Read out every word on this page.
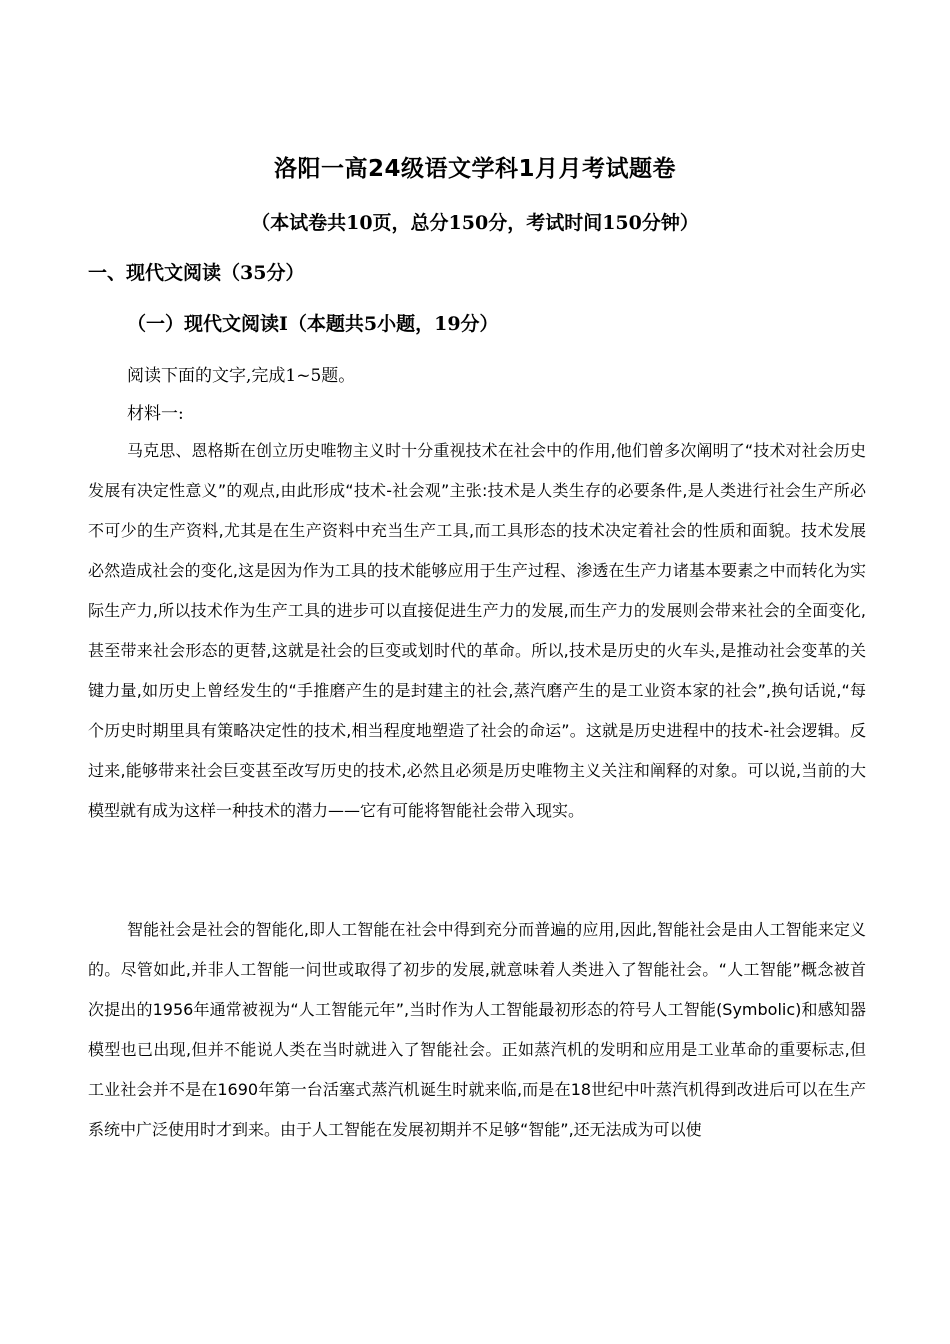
洛阳一高24级语文学科1月月考试题卷
（本试卷共10页，总分150分，考试时间150分钟）
一、现代文阅读（35分）
（一）现代文阅读I（本题共5小题，19分）
阅读下面的文字,完成1~5题。
材料一:

马克思、恩格斯在创立历史唯物主义时十分重视技术在社会中的作用,他们曾多次阐明了“技术对社会历史发展有决定性意义”的观点,由此形成“技术-社会观”主张:技术是人类生存的必要条件,是人类进行社会生产所必不可少的生产资料,尤其是在生产资料中充当生产工具,而工具形态的技术决定着社会的性质和面貌。技术发展必然造成社会的变化,这是因为作为工具的技术能够应用于生产过程、渗透在生产力诸基本要素之中而转化为实际生产力,所以技术作为生产工具的进步可以直接促进生产力的发展,而生产力的发展则会带来社会的全面变化,甚至带来社会形态的更替,这就是社会的巨变或划时代的革命。所以,技术是历史的火车头,是推动社会变革的关键力量,如历史上曾经发生的“手推磨产生的是封建主的社会,蒸汽磨产生的是工业资本家的社会”,换句话说,“每个历史时期里具有策略决定性的技术,相当程度地塑造了社会的命运”。这就是历史进程中的技术-社会逻辑。反过来,能够带来社会巨变甚至改写历史的技术,必然且必须是历史唯物主义关注和阐释的对象。可以说,当前的大模型就有成为这样一种技术的潜力——它有可能将智能社会带入现实。

智能社会是社会的智能化,即人工智能在社会中得到充分而普遍的应用,因此,智能社会是由人工智能来定义的。尽管如此,并非人工智能一问世或取得了初步的发展,就意味着人类进入了智能社会。“人工智能”概念被首次提出的1956年通常被视为“人工智能元年”,当时作为人工智能最初形态的符号人工智能(Symbolic)和感知器模型也已出现,但并不能说人类在当时就进入了智能社会。正如蒸汽机的发明和应用是工业革命的重要标志,但工业社会并不是在1690年第一台活塞式蒸汽机诞生时就来临,而是在18世纪中叶蒸汽机得到改进后可以在生产系统中广泛使用时才到来。由于人工智能在发展初期并不足够“智能”,还无法成为可以使
